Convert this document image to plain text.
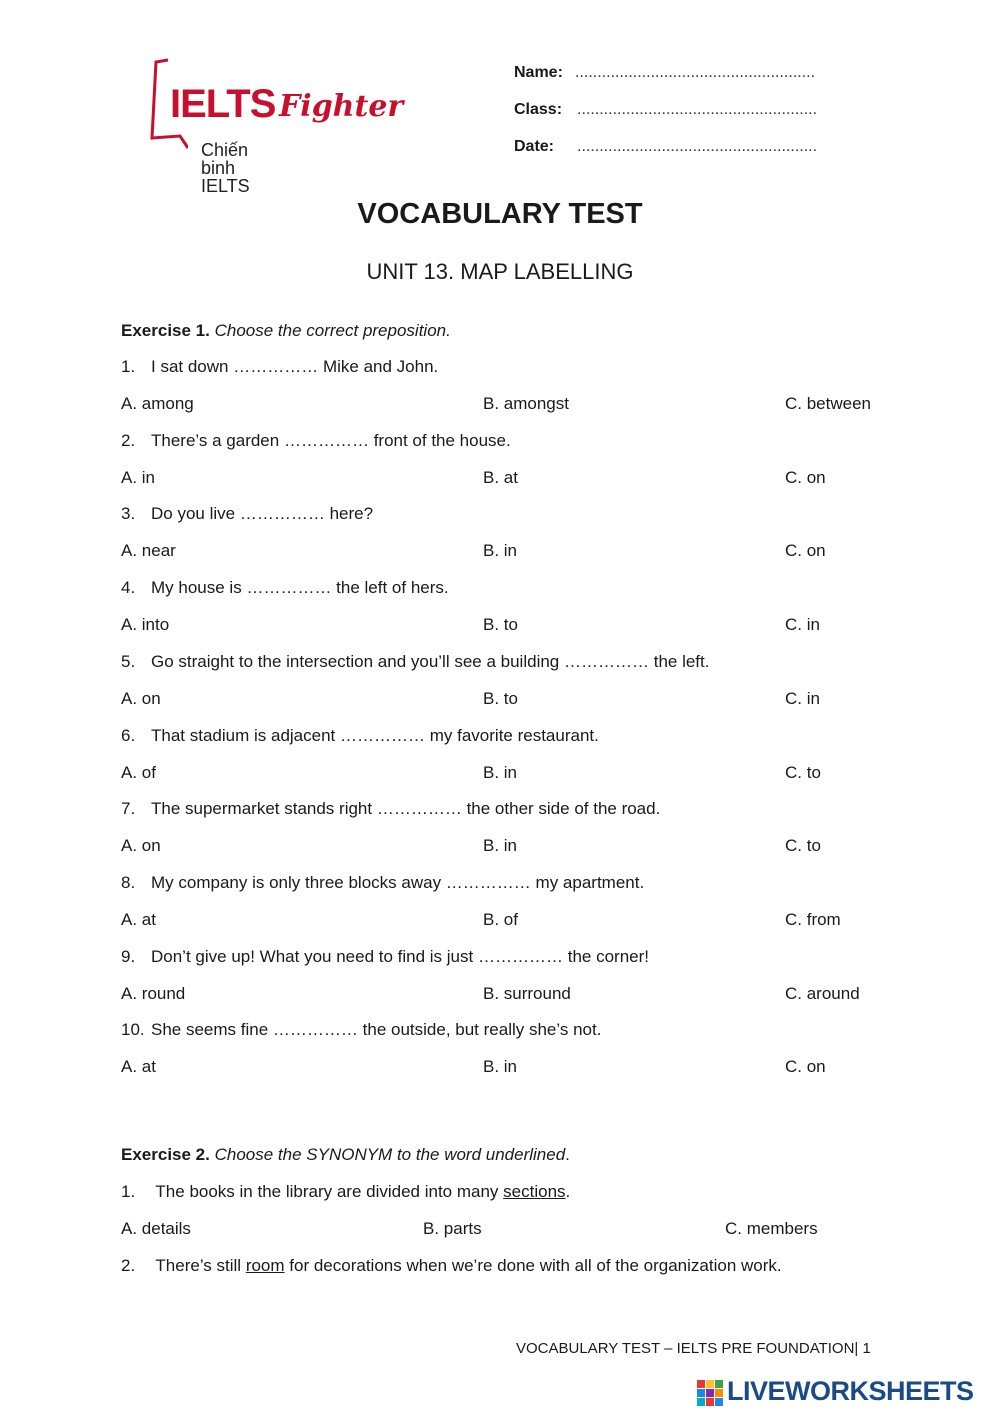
IELTS Fighter
Chiến binh IELTS
Name: ......................................................
Class: ......................................................
Date: ......................................................
VOCABULARY TEST
UNIT 13. MAP LABELLING
Exercise 1. Choose the correct preposition.
1. I sat down …………… Mike and John.
A. among	B. amongst	C. between
2. There’s a garden …………… front of the house.
A. in	B. at	C. on
3. Do you live …………… here?
A. near	B. in	C. on
4. My house is …………… the left of hers.
A. into	B. to	C. in
5. Go straight to the intersection and you’ll see a building …………… the left.
A. on	B. to	C. in
6. That stadium is adjacent …………… my favorite restaurant.
A. of	B. in	C. to
7. The supermarket stands right …………… the other side of the road.
A. on	B. in	C. to
8. My company is only three blocks away …………… my apartment.
A. at	B. of	C. from
9. Don’t give up! What you need to find is just …………… the corner!
A. round	B. surround	C. around
10. She seems fine …………… the outside, but really she’s not.
A. at	B. in	C. on
Exercise 2. Choose the SYNONYM to the word underlined.
1. The books in the library are divided into many sections.
A. details	B. parts	C. members
2. There’s still room for decorations when we’re done with all of the organization work.
VOCABULARY TEST – IELTS PRE FOUNDATION| 1
LIVEWORKSHEETS
